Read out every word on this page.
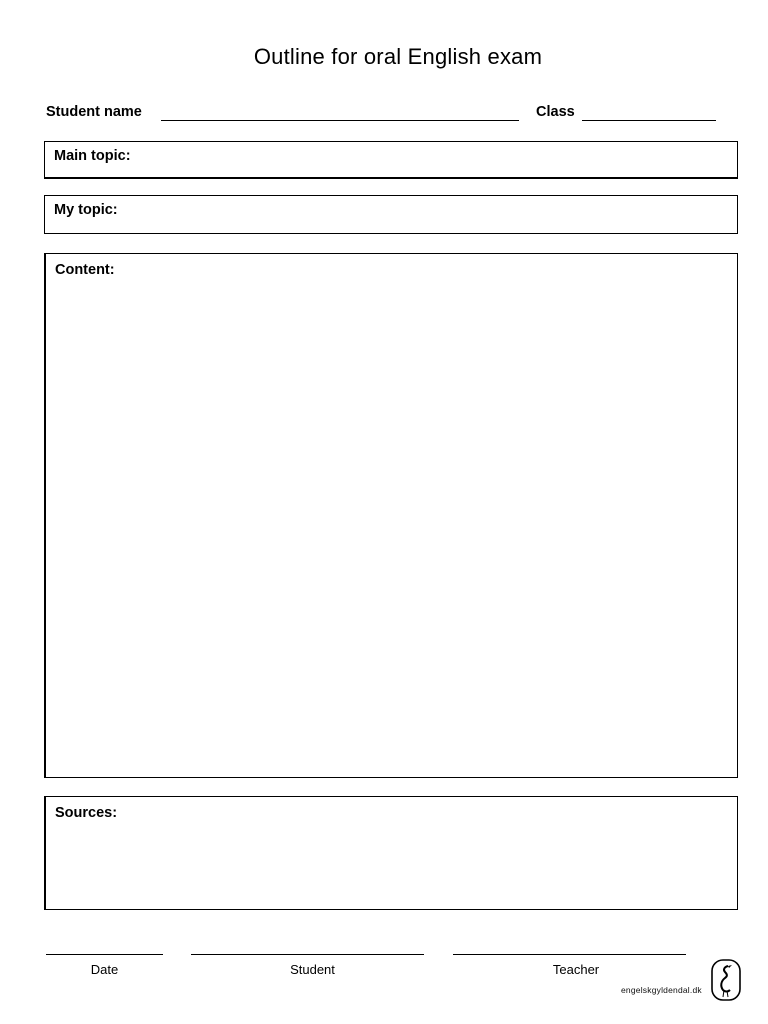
Outline for oral English exam
Student name	Class
Main topic:
My topic:
Content:
Sources:
Date	Student	Teacher
engelskgyldendal.dk
